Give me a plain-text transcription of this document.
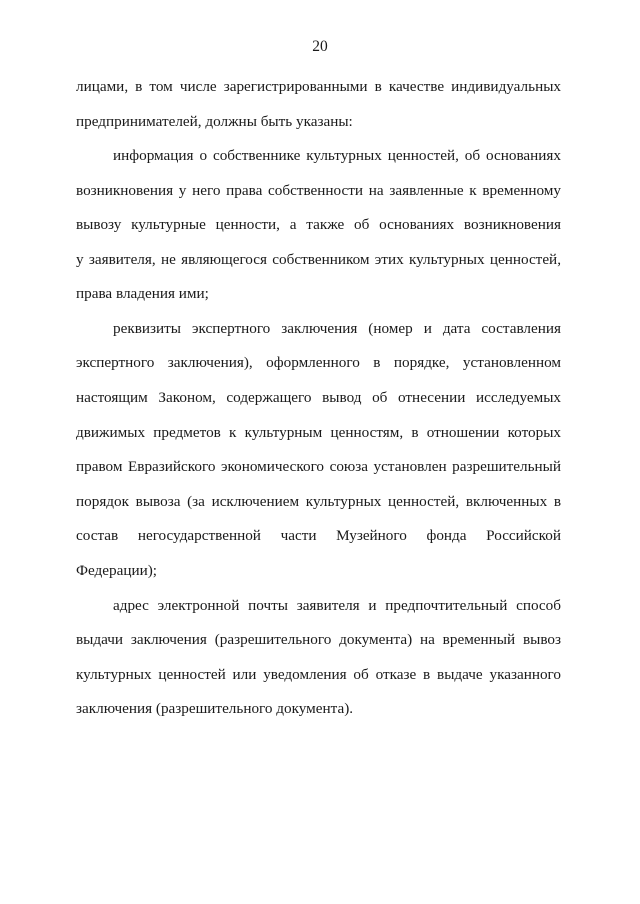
20
лицами, в том числе зарегистрированными в качестве индивидуальных
предпринимателей, должны быть указаны:
информация о собственнике культурных ценностей, об основаниях
возникновения у него права собственности на заявленные к временному
вывозу культурные ценности, а также об основаниях возникновения
у заявителя, не являющегося собственником этих культурных ценностей,
права владения ими;
реквизиты экспертного заключения (номер и дата составления
экспертного заключения), оформленного в порядке, установленном
настоящим Законом, содержащего вывод об отнесении исследуемых
движимых предметов к культурным ценностям, в отношении которых
правом Евразийского экономического союза установлен разрешительный
порядок вывоза (за исключением культурных ценностей, включенных в
состав негосударственной части Музейного фонда Российской
Федерации);
адрес электронной почты заявителя и предпочтительный способ
выдачи заключения (разрешительного документа) на временный вывоз
культурных ценностей или уведомления об отказе в выдаче указанного
заключения (разрешительного документа).
